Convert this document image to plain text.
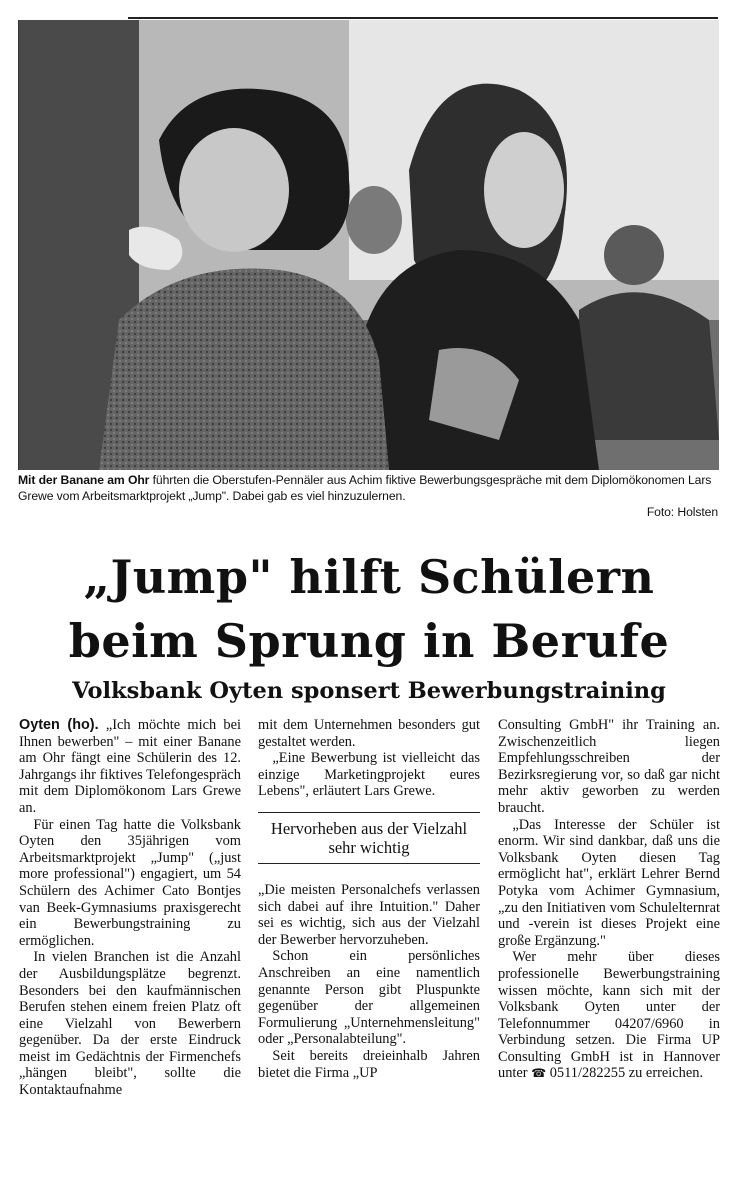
Mit der Banane am Ohr führten die Oberstufen-Pennäler aus Achim fiktive Bewerbungsgespräche mit dem Diplomökonomen Lars Grewe vom Arbeitsmarktprojekt „Jump". Dabei gab es viel hinzuzulernen.
Foto: Holsten
„Jump" hilft Schülern
beim Sprung in Berufe
Volksbank Oyten sponsert Bewerbungstraining

Oyten (ho). „Ich möchte mich bei Ihnen bewerben" – mit einer Banane am Ohr fängt eine Schülerin des 12. Jahrgangs ihr fiktives Telefongespräch mit dem Diplomökonom Lars Grewe an.

Für einen Tag hatte die Volksbank Oyten den 35jährigen vom Arbeitsmarktprojekt „Jump" („just more professional") engagiert, um 54 Schülern des Achimer Cato Bontjes van Beek-Gymnasiums praxisgerecht ein Bewerbungstraining zu ermöglichen.

In vielen Branchen ist die Anzahl der Ausbildungsplätze begrenzt. Besonders bei den kaufmännischen Berufen stehen einem freien Platz oft eine Vielzahl von Bewerbern gegenüber. Da der erste Eindruck meist im Gedächtnis der Firmenchefs „hängen bleibt", sollte die Kontaktaufnahme

mit dem Unternehmen besonders gut gestaltet werden.

„Eine Bewerbung ist vielleicht das einzige Marketingprojekt eures Lebens", erläutert Lars Grewe.

Hervorheben aus der Vielzahl sehr wichtig

„Die meisten Personalchefs verlassen sich dabei auf ihre Intuition." Daher sei es wichtig, sich aus der Vielzahl der Bewerber hervorzuheben.

Schon ein persönliches Anschreiben an eine namentlich genannte Person gibt Pluspunkte gegenüber der allgemeinen Formulierung „Unternehmensleitung" oder „Personalabteilung".

Seit bereits dreieinhalb Jahren bietet die Firma „UP

Consulting GmbH" ihr Training an. Zwischenzeitlich liegen Empfehlungsschreiben der Bezirksregierung vor, so daß gar nicht mehr aktiv geworben zu werden braucht.

„Das Interesse der Schüler ist enorm. Wir sind dankbar, daß uns die Volksbank Oyten diesen Tag ermöglicht hat", erklärt Lehrer Bernd Potyka vom Achimer Gymnasium, „zu den Initiativen vom Schulelternrat und -verein ist dieses Projekt eine große Ergänzung."

Wer mehr über dieses professionelle Bewerbungstraining wissen möchte, kann sich mit der Volksbank Oyten unter der Telefonnummer 04207/6960 in Verbindung setzen. Die Firma UP Consulting GmbH ist in Hannover unter ☎ 0511/282255 zu erreichen.
